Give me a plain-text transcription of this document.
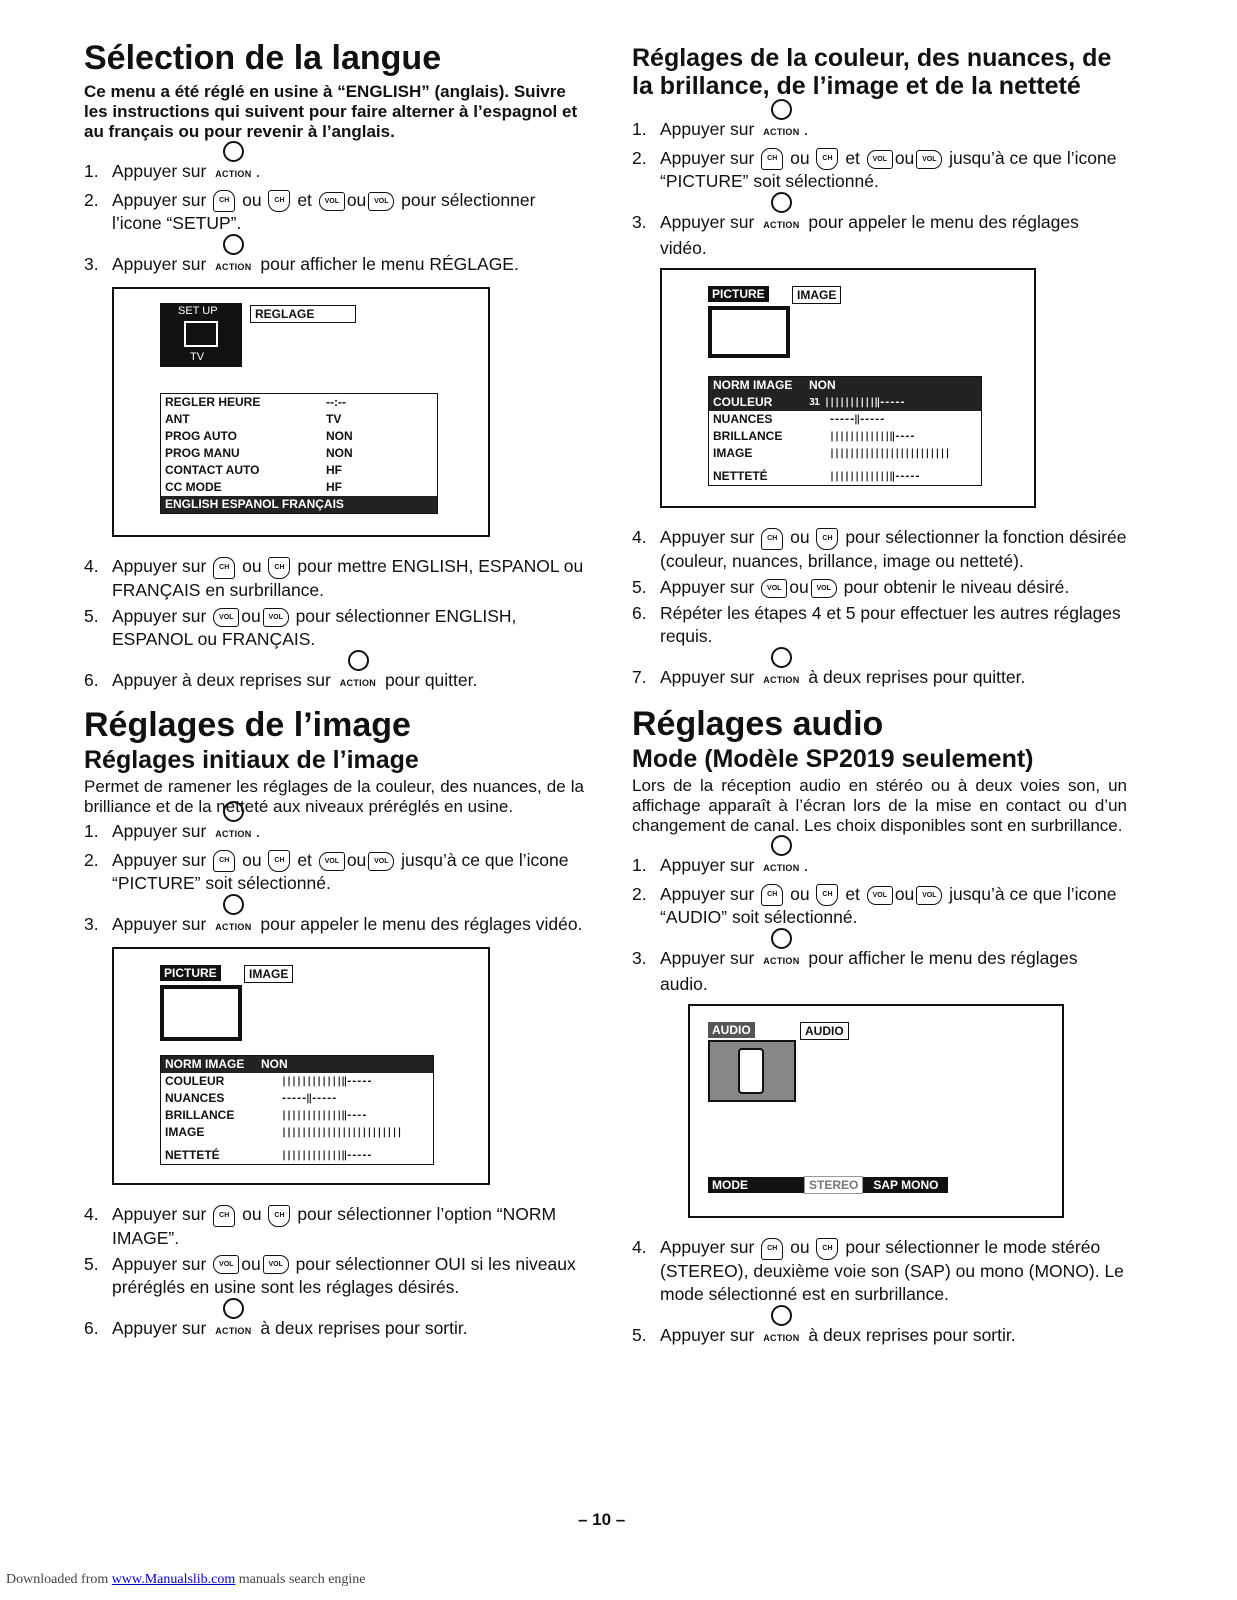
Sélection de la langue

Ce menu a été réglé en usine à “ENGLISH” (anglais). Suivre les instructions qui suivent pour faire alterner à l’espagnol et au français ou pour revenir à l’anglais.

1. Appuyer sur ACTION .
2. Appuyer sur CH ou CH et VOL ou VOL pour sélectionner l’icone “SETUP”.
3. Appuyer sur ACTION pour afficher le menu RÉGLAGE.
SET UP
TV
REGLAGE
REGLER HEURE	--:--
ANT	TV
PROG AUTO	NON
PROG MANU	NON
CONTACT AUTO	HF
CC MODE	HF
ENGLISH ESPANOL FRANÇAIS
4. Appuyer sur CH ou CH pour mettre ENGLISH, ESPANOL ou FRANÇAIS en surbrillance.
5. Appuyer sur VOL ou VOL pour sélectionner ENGLISH, ESPANOL ou FRANÇAIS.
6. Appuyer à deux reprises sur ACTION pour quitter.
Réglages de l’image
Réglages initiaux de l’image

Permet de ramener les réglages de la couleur, des nuances, de la brilliance et de la netteté aux niveaux préréglés en usine.

1. Appuyer sur ACTION .
2. Appuyer sur CH ou CH et VOL ou VOL jusqu’à ce que l’icone “PICTURE” soit sélectionné.
3. Appuyer sur ACTION pour appeler le menu des réglages vidéo.
PICTURE	IMAGE
NORM IMAGE NON
COULEUR	||||||||||||‖-----
NUANCES	-----‖-----
BRILLANCE	||||||||||||‖----
IMAGE	||||||||||||||||||||||||
NETTETÉ	||||||||||||‖-----
4. Appuyer sur CH ou CH pour sélectionner l’option “NORM IMAGE”.
5. Appuyer sur VOL ou VOL pour sélectionner OUI si les niveaux préréglés en usine sont les réglages désirés.
6. Appuyer sur ACTION à deux reprises pour sortir.
Réglages de la couleur, des nuances, de la brillance, de l’image et de la netteté
1. Appuyer sur ACTION .
2. Appuyer sur CH ou CH et VOL ou VOL jusqu’à ce que l’icone “PICTURE” soit sélectionné.
3. Appuyer sur ACTION pour appeler le menu des réglages vidéo.
PICTURE	IMAGE
NORM IMAGE NON
COULEUR	31 ||||||||||‖-----
NUANCES	-----‖-----
BRILLANCE	||||||||||||‖----
IMAGE	||||||||||||||||||||||||
NETTETÉ	||||||||||||‖-----
4. Appuyer sur CH ou CH pour sélectionner la fonction désirée (couleur, nuances, brillance, image ou netteté).
5. Appuyer sur VOL ou VOL pour obtenir le niveau désiré.
6. Répéter les étapes 4 et 5 pour effectuer les autres réglages requis.
7. Appuyer sur ACTION à deux reprises pour quitter.
Réglages audio
Mode (Modèle SP2019 seulement)

Lors de la réception audio en stéréo ou à deux voies son, un affichage apparaît à l’écran lors de la mise en contact ou d’un changement de canal. Les choix disponibles sont en surbrillance.

1. Appuyer sur ACTION .
2. Appuyer sur CH ou CH et VOL ou VOL jusqu’à ce que l’icone “AUDIO” soit sélectionné.
3. Appuyer sur ACTION pour afficher le menu des réglages audio.
AUDIO	AUDIO
MODE	STEREO SAP MONO
4. Appuyer sur CH ou CH pour sélectionner le mode stéréo (STEREO), deuxième voie son (SAP) ou mono (MONO). Le mode sélectionné est en surbrillance.
5. Appuyer sur ACTION à deux reprises pour sortir.
– 10 –
Downloaded from www.Manualslib.com manuals search engine
